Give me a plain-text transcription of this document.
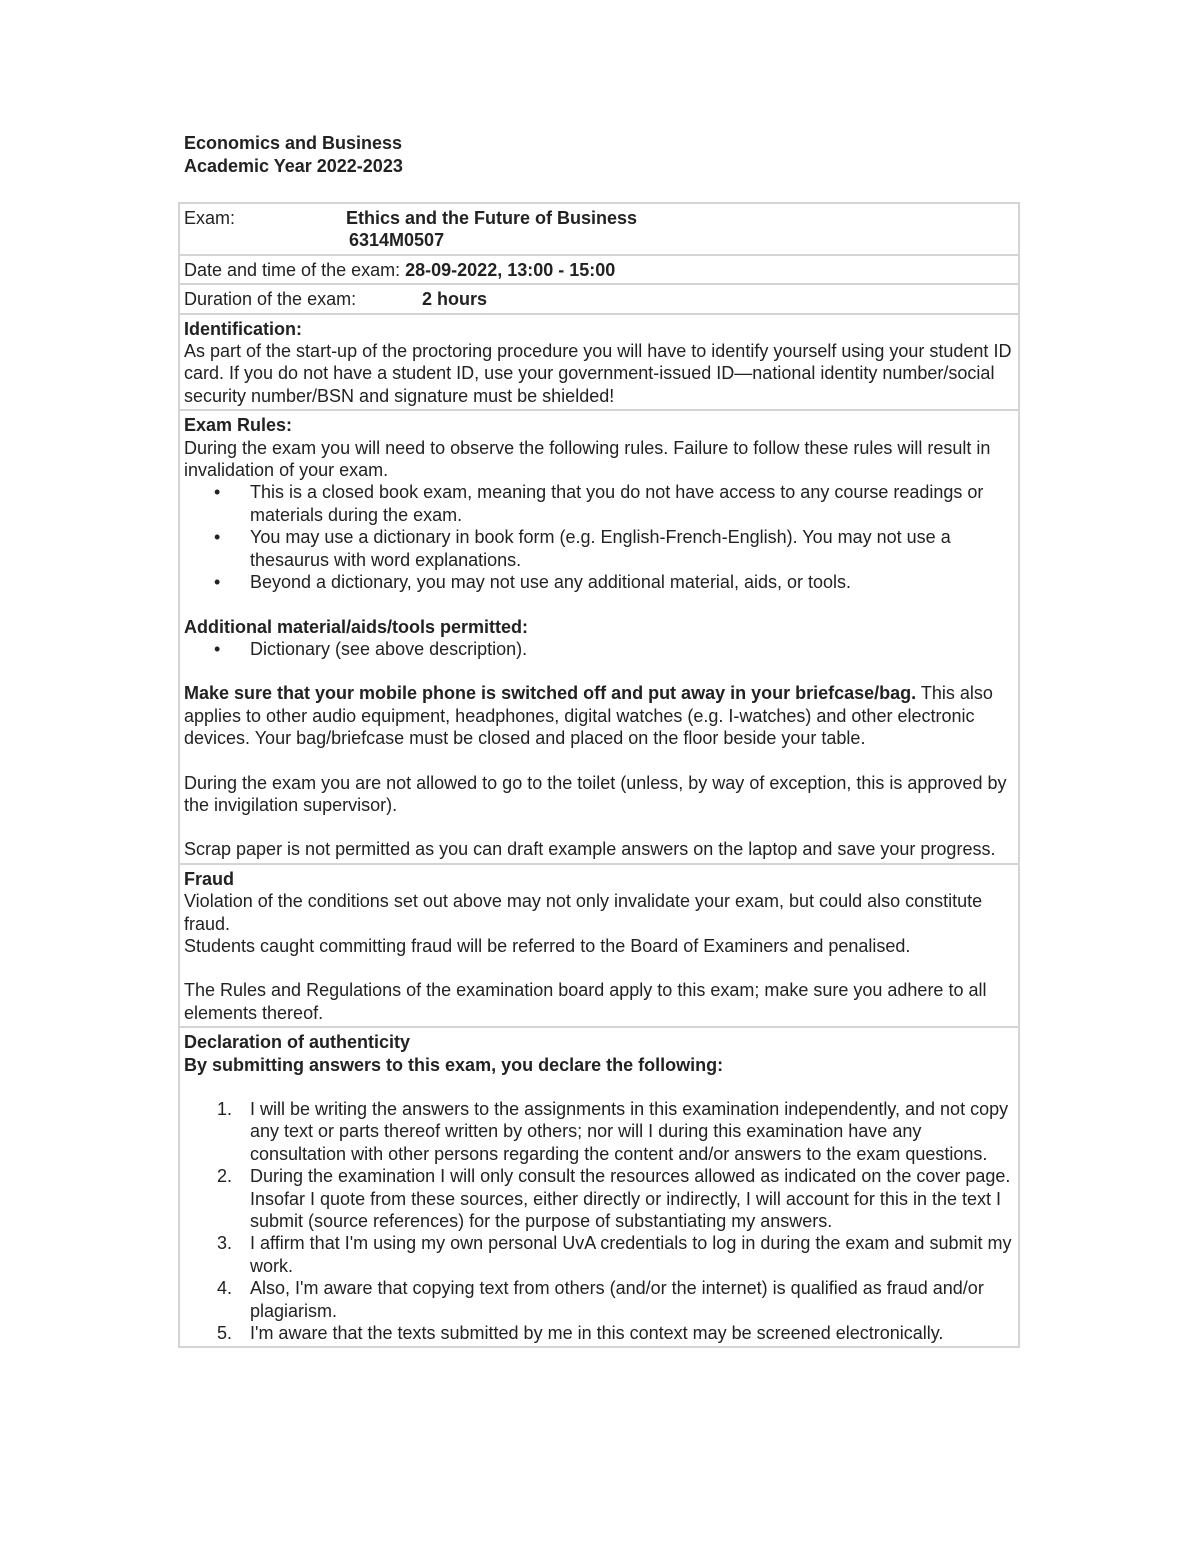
Economics and Business
Academic Year 2022-2023
Exam:	Ethics and the Future of Business
6314M0507
Date and time of the exam: 28-09-2022, 13:00 - 15:00
Duration of the exam:	2 hours
Identification:

As part of the start-up of the proctoring procedure you will have to identify yourself using your student ID card. If you do not have a student ID, use your government-issued ID—national identity number/social security number/BSN and signature must be shielded!

Exam Rules:

During the exam you will need to observe the following rules. Failure to follow these rules will result in invalidation of your exam.

• This is a closed book exam, meaning that you do not have access to any course readings or materials during the exam.
• You may use a dictionary in book form (e.g. English-French-English). You may not use a thesaurus with word explanations.
• Beyond a dictionary, you may not use any additional material, aids, or tools.
Additional material/aids/tools permitted:
• Dictionary (see above description).

Make sure that your mobile phone is switched off and put away in your briefcase/bag. This also applies to other audio equipment, headphones, digital watches (e.g. I-watches) and other electronic devices. Your bag/briefcase must be closed and placed on the floor beside your table.

During the exam you are not allowed to go to the toilet (unless, by way of exception, this is approved by the invigilation supervisor).

Scrap paper is not permitted as you can draft example answers on the laptop and save your progress.

Fraud

Violation of the conditions set out above may not only invalidate your exam, but could also constitute fraud.

Students caught committing fraud will be referred to the Board of Examiners and penalised.

The Rules and Regulations of the examination board apply to this exam; make sure you adhere to all elements thereof.

Declaration of authenticity
By submitting answers to this exam, you declare the following:
1. I will be writing the answers to the assignments in this examination independently, and not copy any text or parts thereof written by others; nor will I during this examination have any consultation with other persons regarding the content and/or answers to the exam questions.
2. During the examination I will only consult the resources allowed as indicated on the cover page. Insofar I quote from these sources, either directly or indirectly, I will account for this in the text I submit (source references) for the purpose of substantiating my answers.
3. I affirm that I'm using my own personal UvA credentials to log in during the exam and submit my work.
4. Also, I'm aware that copying text from others (and/or the internet) is qualified as fraud and/or plagiarism.
5. I'm aware that the texts submitted by me in this context may be screened electronically.
